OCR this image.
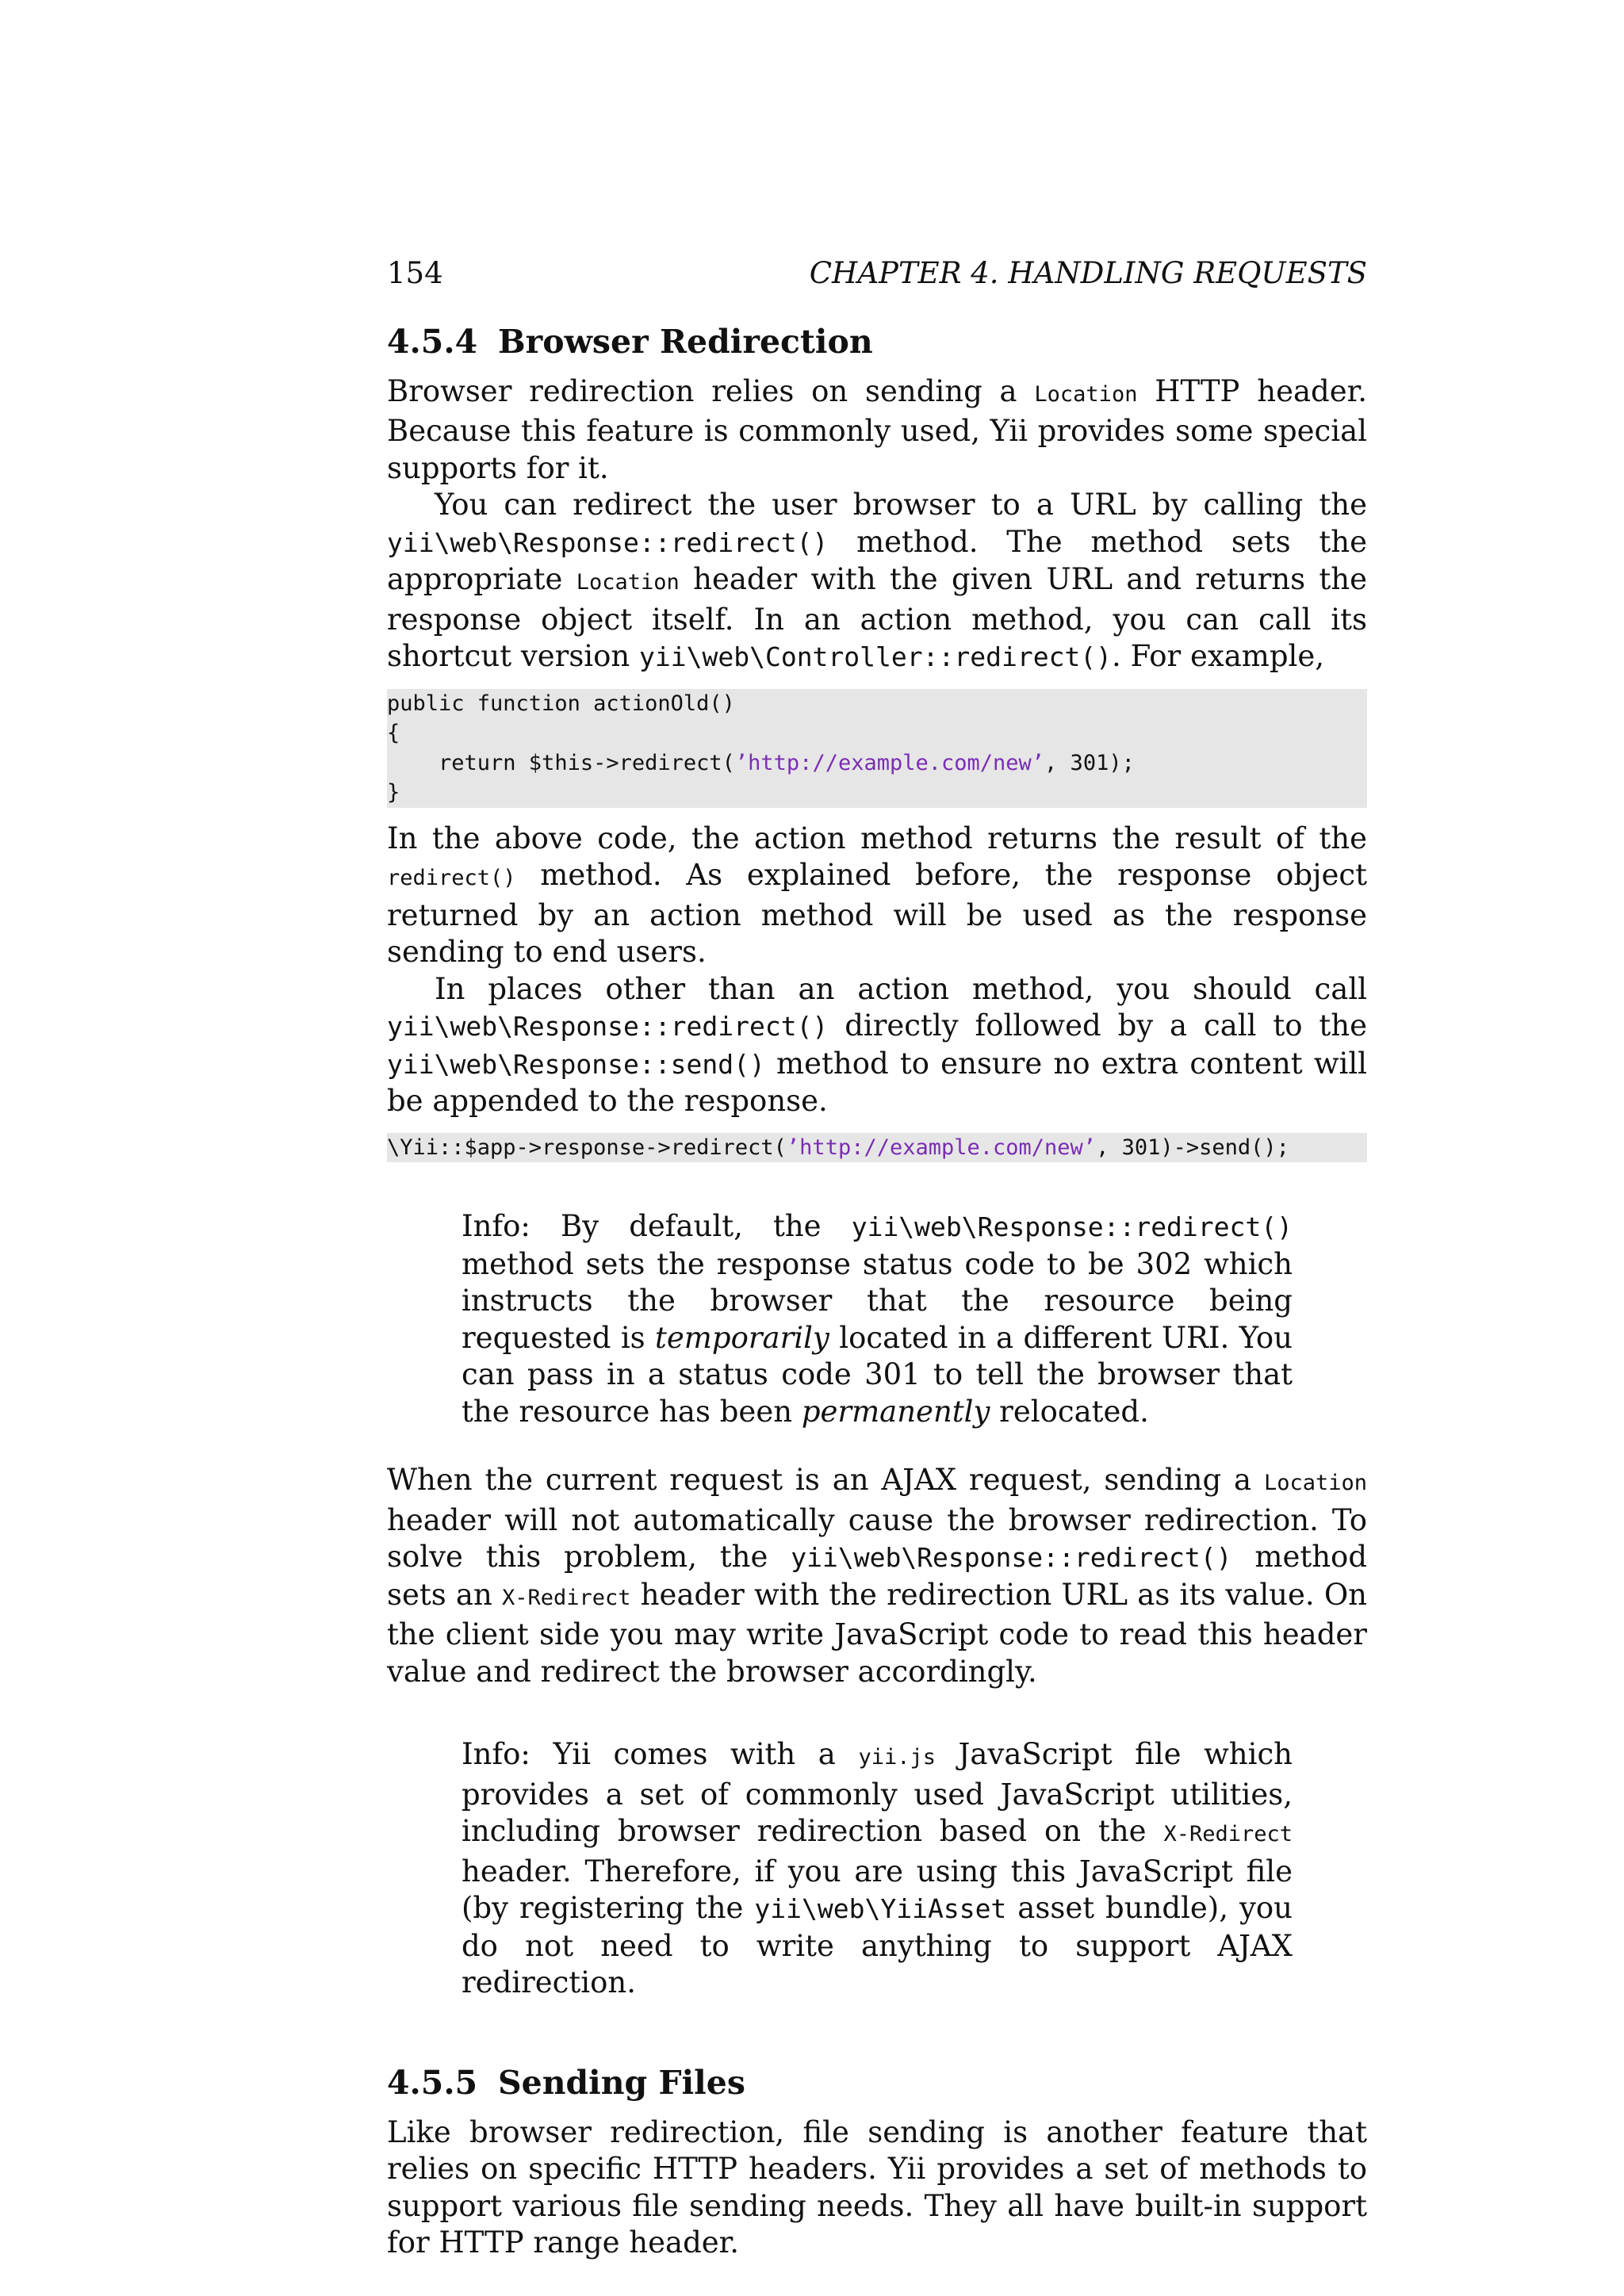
154	CHAPTER 4. HANDLING REQUESTS
4.5.4 Browser Redirection

Browser redirection relies on sending a Location HTTP header. Because this feature is commonly used, Yii provides some special supports for it.

You can redirect the user browser to a URL by calling the yii\web\Response::redirect() method. The method sets the appropriate Location header with the given URL and returns the response object itself. In an action method, you can call its shortcut version yii\web\Controller::redirect(). For example,

public function actionOld()
{
return $this->redirect(’http://example.com/new’, 301);
}

In the above code, the action method returns the result of the redirect() method. As explained before, the response object returned by an action method will be used as the response sending to end users.

In places other than an action method, you should call yii\web\Response::redirect() directly followed by a call to the yii\web\Response::send() method to ensure no extra content will be appended to the response.

\Yii::$app->response->redirect(’http://example.com/new’, 301)->send();

Info: By default, the yii\web\Response::redirect() method sets the response status code to be 302 which instructs the browser that the resource being requested is temporarily located in a different URI. You can pass in a status code 301 to tell the browser that the resource has been permanently relocated.

When the current request is an AJAX request, sending a Location header will not automatically cause the browser redirection. To solve this problem, the yii\web\Response::redirect() method sets an X-Redirect header with the redirection URL as its value. On the client side you may write JavaScript code to read this header value and redirect the browser accordingly.

Info: Yii comes with a yii.js JavaScript file which provides a set of commonly used JavaScript utilities, including browser redirection based on the X-Redirect header. Therefore, if you are using this JavaScript file (by registering the yii\web\YiiAsset asset bundle), you do not need to write anything to support AJAX redirection.

4.5.5 Sending Files

Like browser redirection, file sending is another feature that relies on specific HTTP headers. Yii provides a set of methods to support various file sending needs. They all have built-in support for HTTP range header.
